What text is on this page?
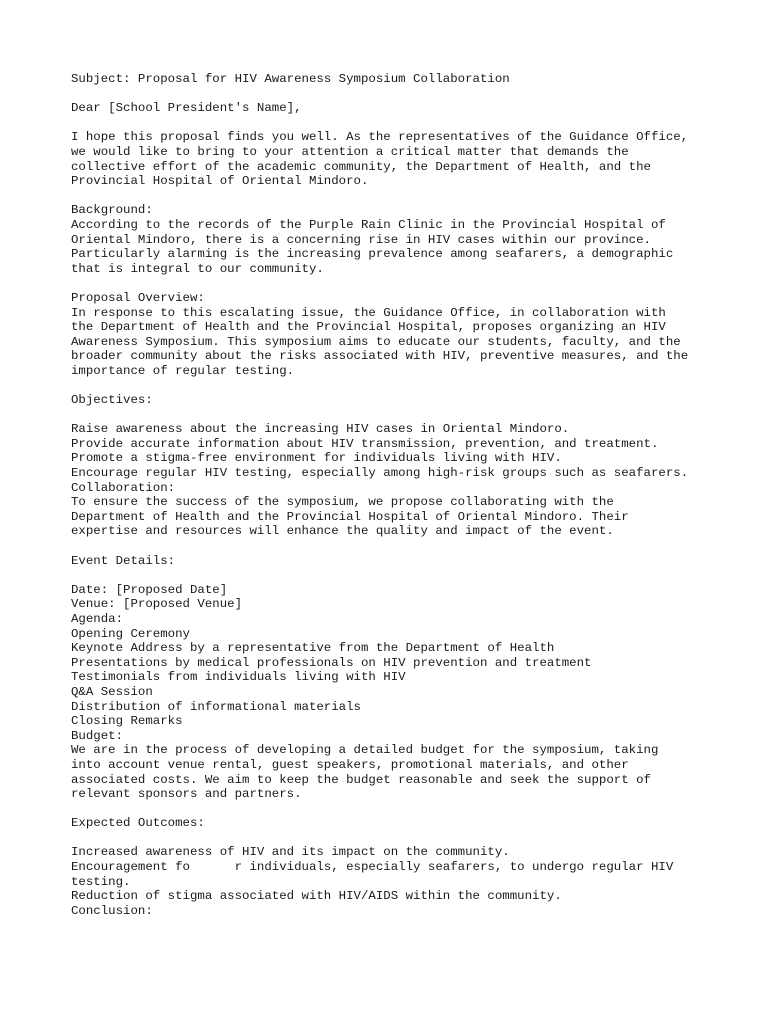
Subject: Proposal for HIV Awareness Symposium Collaboration
Dear [School President's Name],
I hope this proposal finds you well. As the representatives of the Guidance Office,
we would like to bring to your attention a critical matter that demands the
collective effort of the academic community, the Department of Health, and the
Provincial Hospital of Oriental Mindoro.
Background:
According to the records of the Purple Rain Clinic in the Provincial Hospital of
Oriental Mindoro, there is a concerning rise in HIV cases within our province.
Particularly alarming is the increasing prevalence among seafarers, a demographic
that is integral to our community.
Proposal Overview:
In response to this escalating issue, the Guidance Office, in collaboration with
the Department of Health and the Provincial Hospital, proposes organizing an HIV
Awareness Symposium. This symposium aims to educate our students, faculty, and the
broader community about the risks associated with HIV, preventive measures, and the
importance of regular testing.
Objectives:
Raise awareness about the increasing HIV cases in Oriental Mindoro.
Provide accurate information about HIV transmission, prevention, and treatment.
Promote a stigma-free environment for individuals living with HIV.
Encourage regular HIV testing, especially among high-risk groups such as seafarers.
Collaboration:
To ensure the success of the symposium, we propose collaborating with the
Department of Health and the Provincial Hospital of Oriental Mindoro. Their
expertise and resources will enhance the quality and impact of the event.
Event Details:
Date: [Proposed Date]
Venue: [Proposed Venue]
Agenda:
Opening Ceremony
Keynote Address by a representative from the Department of Health
Presentations by medical professionals on HIV prevention and treatment
Testimonials from individuals living with HIV
Q&A Session
Distribution of informational materials
Closing Remarks
Budget:
We are in the process of developing a detailed budget for the symposium, taking
into account venue rental, guest speakers, promotional materials, and other
associated costs. We aim to keep the budget reasonable and seek the support of
relevant sponsors and partners.
Expected Outcomes:
Increased awareness of HIV and its impact on the community.
Encouragement fo      r individuals, especially seafarers, to undergo regular HIV
testing.
Reduction of stigma associated with HIV/AIDS within the community.
Conclusion:
